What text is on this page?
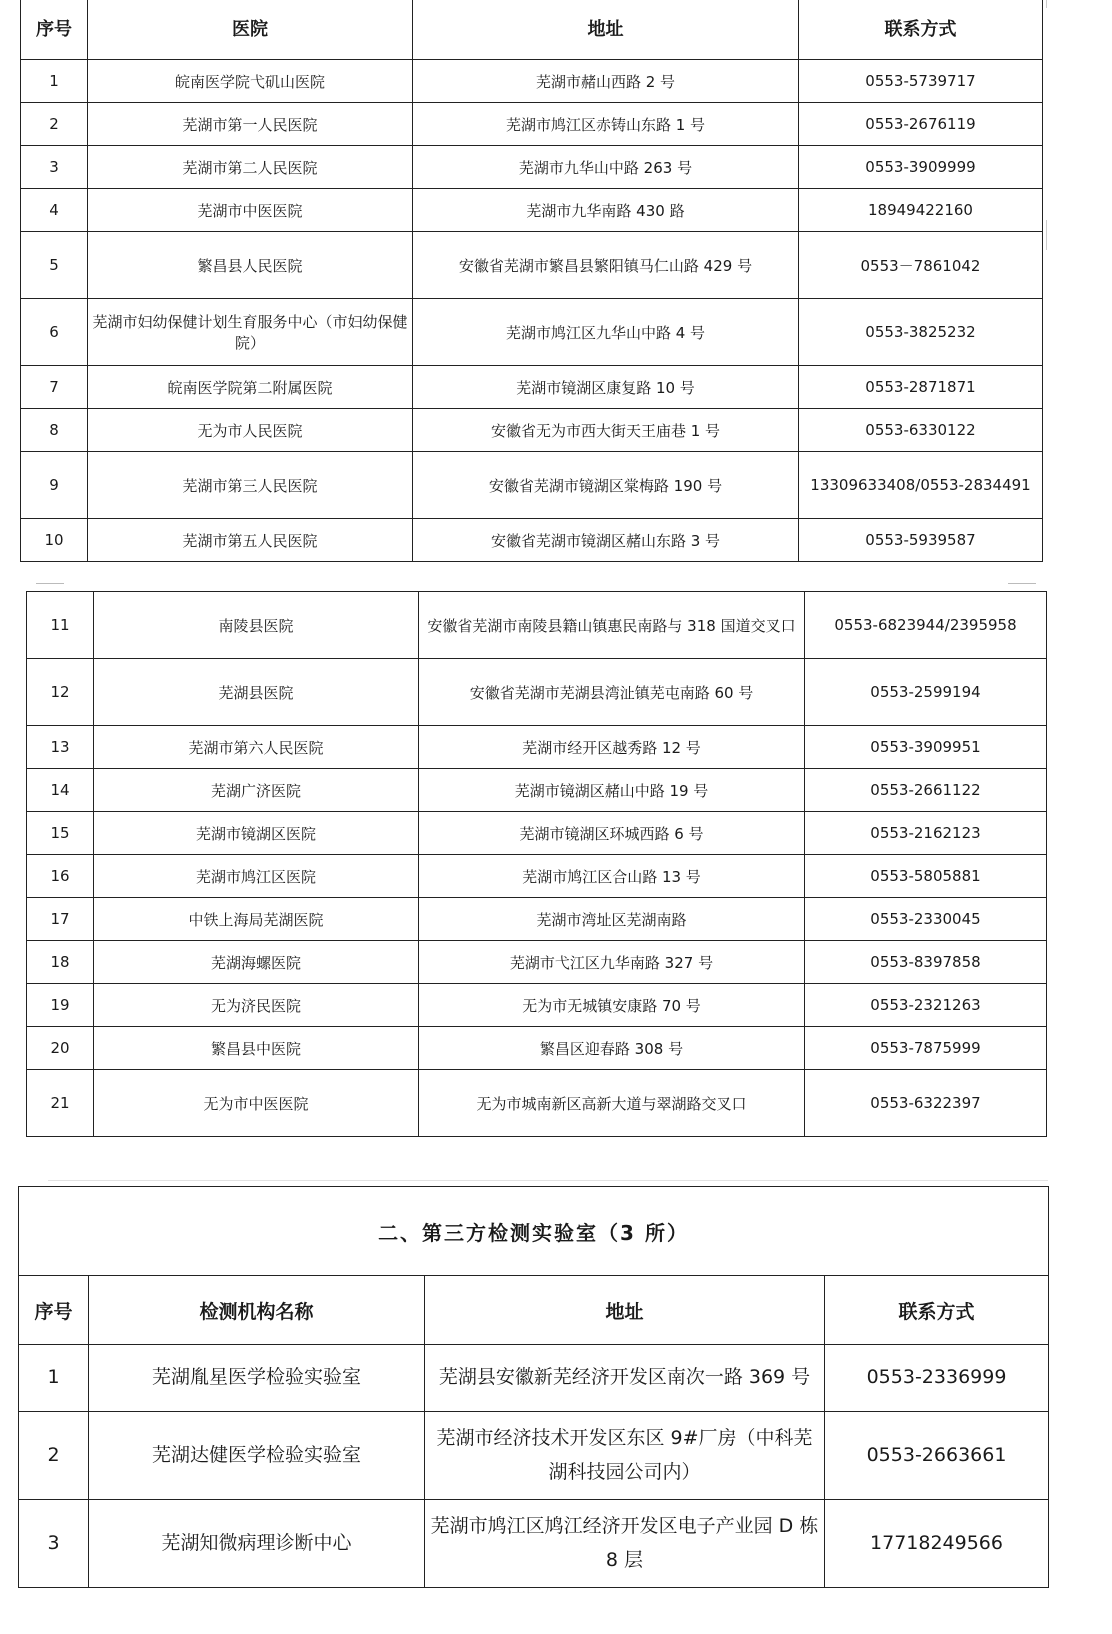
序号	医院	地址	联系方式
1	皖南医学院弋矶山医院	芜湖市赭山西路 2 号	0553-5739717
2	芜湖市第一人民医院	芜湖市鸠江区赤铸山东路 1 号	0553-2676119
3	芜湖市第二人民医院	芜湖市九华山中路 263 号	0553-3909999
4	芜湖市中医医院	芜湖市九华南路 430 路	18949422160
5	繁昌县人民医院	安徽省芜湖市繁昌县繁阳镇马仁山路 429 号	0553－7861042
6	芜湖市妇幼保健计划生育服务中心（市妇幼保健院）	芜湖市鸠江区九华山中路 4 号	0553-3825232
7	皖南医学院第二附属医院	芜湖市镜湖区康复路 10 号	0553-2871871
8	无为市人民医院	安徽省无为市西大街天王庙巷 1 号	0553-6330122
9	芜湖市第三人民医院	安徽省芜湖市镜湖区棠梅路 190 号	13309633408/0553-2834491
10	芜湖市第五人民医院	安徽省芜湖市镜湖区赭山东路 3 号	0553-5939587
11	南陵县医院	安徽省芜湖市南陵县籍山镇惠民南路与 318 国道交叉口	0553-6823944/2395958
12	芜湖县医院	安徽省芜湖市芜湖县湾沚镇芜屯南路 60 号	0553-2599194
13	芜湖市第六人民医院	芜湖市经开区越秀路 12 号	0553-3909951
14	芜湖广济医院	芜湖市镜湖区赭山中路 19 号	0553-2661122
15	芜湖市镜湖区医院	芜湖市镜湖区环城西路 6 号	0553-2162123
16	芜湖市鸠江区医院	芜湖市鸠江区合山路 13 号	0553-5805881
17	中铁上海局芜湖医院	芜湖市湾址区芜湖南路	0553-2330045
18	芜湖海螺医院	芜湖市弋江区九华南路 327 号	0553-8397858
19	无为济民医院	无为市无城镇安康路 70 号	0553-2321263
20	繁昌县中医院	繁昌区迎春路 308 号	0553-7875999
21	无为市中医医院	无为市城南新区高新大道与翠湖路交叉口	0553-6322397
二、第三方检测实验室（3 所）			
序号	检测机构名称	地址	联系方式
1	芜湖胤星医学检验实验室	芜湖县安徽新芜经济开发区南次一路 369 号	0553-2336999
2	芜湖达健医学检验实验室	芜湖市经济技术开发区东区 9#厂房（中科芜湖科技园公司内）	0553-2663661
3	芜湖知微病理诊断中心	芜湖市鸠江区鸠江经济开发区电子产业园 D 栋 8 层	17718249566
